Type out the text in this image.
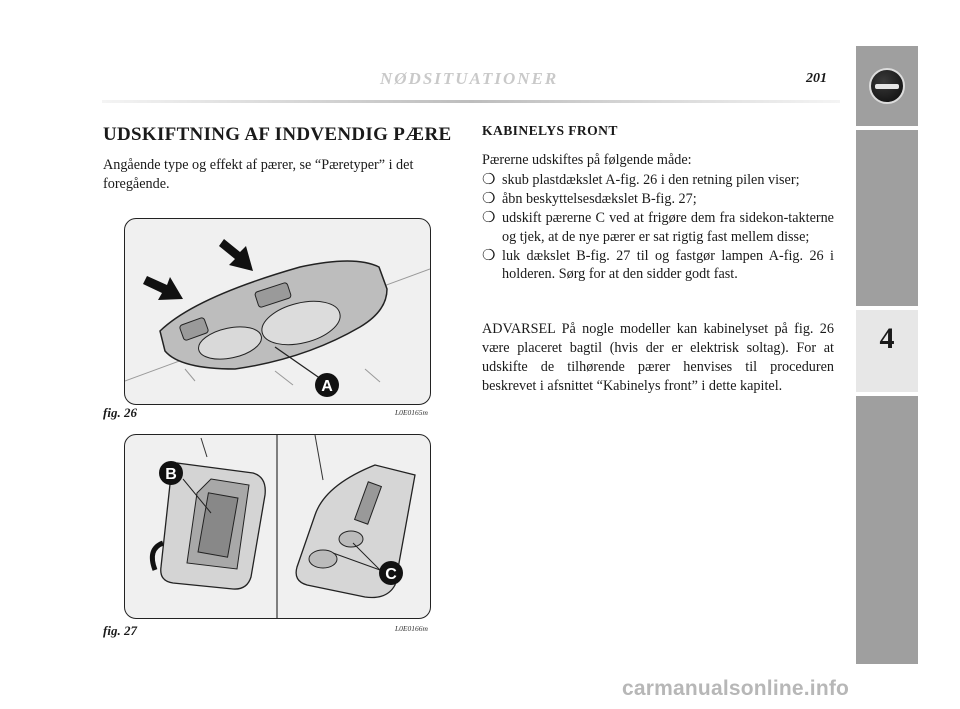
NØDSITUATIONER	201
4
UDSKIFTNING AF INDVENDIG PÆRE
Angående type og effekt af pærer, se “Pæretyper” i det foregående.
A
fig. 26	L0E0165m
B
C
fig. 27	L0E0166m
KABINELYS FRONT
Pærerne udskiftes på følgende måde:
❍ skub plastdækslet A-fig. 26 i den retning pilen viser;
❍ åbn beskyttelsesdækslet B-fig. 27;
❍ udskift pærerne C ved at frigøre dem fra sidekon-takterne og tjek, at de nye pærer er sat rigtig fast mellem disse;
❍ luk dækslet B-fig. 27 til og fastgør lampen A-fig. 26 i holderen. Sørg for at den sidder godt fast.
ADVARSEL På nogle modeller kan kabinelyset på fig. 26 være placeret bagtil (hvis der er elektrisk soltag). For at udskifte de tilhørende pærer henvises til proceduren beskrevet i afsnittet “Kabinelys front” i dette kapitel.
carmanualsonline.info
